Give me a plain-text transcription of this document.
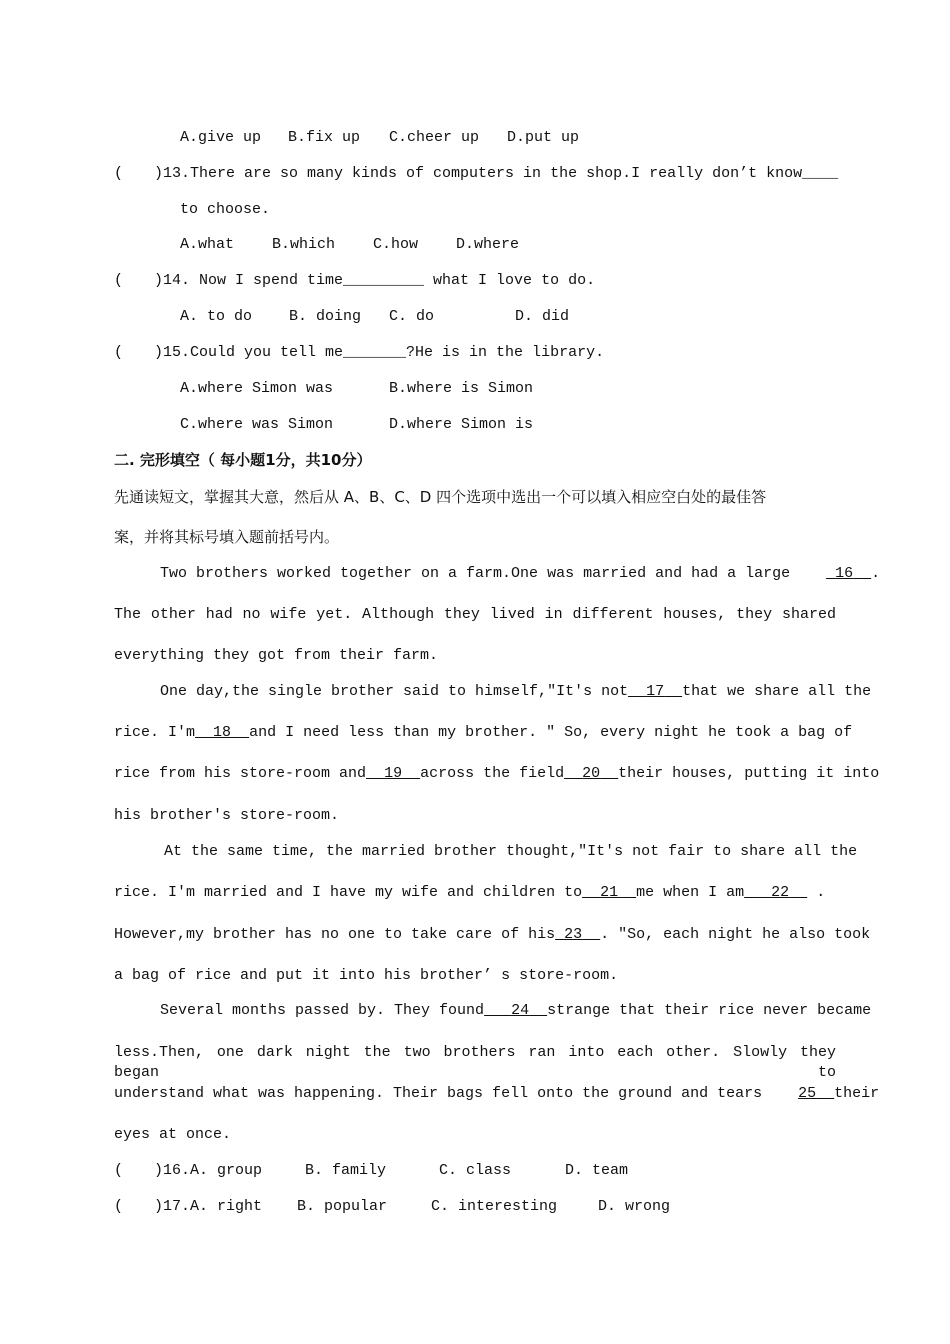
A.give up B.fix up C.cheer up D.put up
( )13.There are so many kinds of computers in the shop.I really don’t know____
to choose.
A.what	B.which	C.how	D.where
( )14. Now I spend time_________ what I love to do.
A. to do B. doing C. do	D. did
( )15.Could you tell me_______?He is in the library.
A.where Simon was	B.where is Simon
C.where was Simon	D.where Simon is
二. 完形填空（ 每小题1分，共10分）
先通读短文，掌握其大意，然后从 A、B、C、D 四个选项中选出一个可以填入相应空白处的最佳答
案，并将其标号填入题前括号内。
Two brothers worked together on a farm.One was married and had a large	16 .
The other had no wife yet. Although they lived in different houses, they shared
everything they got from their farm.
One day,the single brother said to himself,"It's not 17 that we share all the
rice. I'm 18 and I need less than my brother. " So, every night he took a bag of
rice from his store-room and 19 across the field 20 their houses, putting it into
his brother's store-room.
At the same time, the married brother thought,"It's not fair to share all the
rice. I'm married and I have my wife and children to 21 me when I am 22   .
However,my brother has no one to take care of his 23 . "So, each night he also took
a bag of rice and put it into his brother’ s store-room.
Several months passed by. They found 24 strange that their rice never became
less.Then, one dark night the two brothers ran into each other. Slowly they began to
understand what was happening. Their bags fell onto the ground and tears 25 their
eyes at once.
( )16.A. group	B. family	C. class	D. team
( )17.A. right B. popular	C. interesting	D. wrong
